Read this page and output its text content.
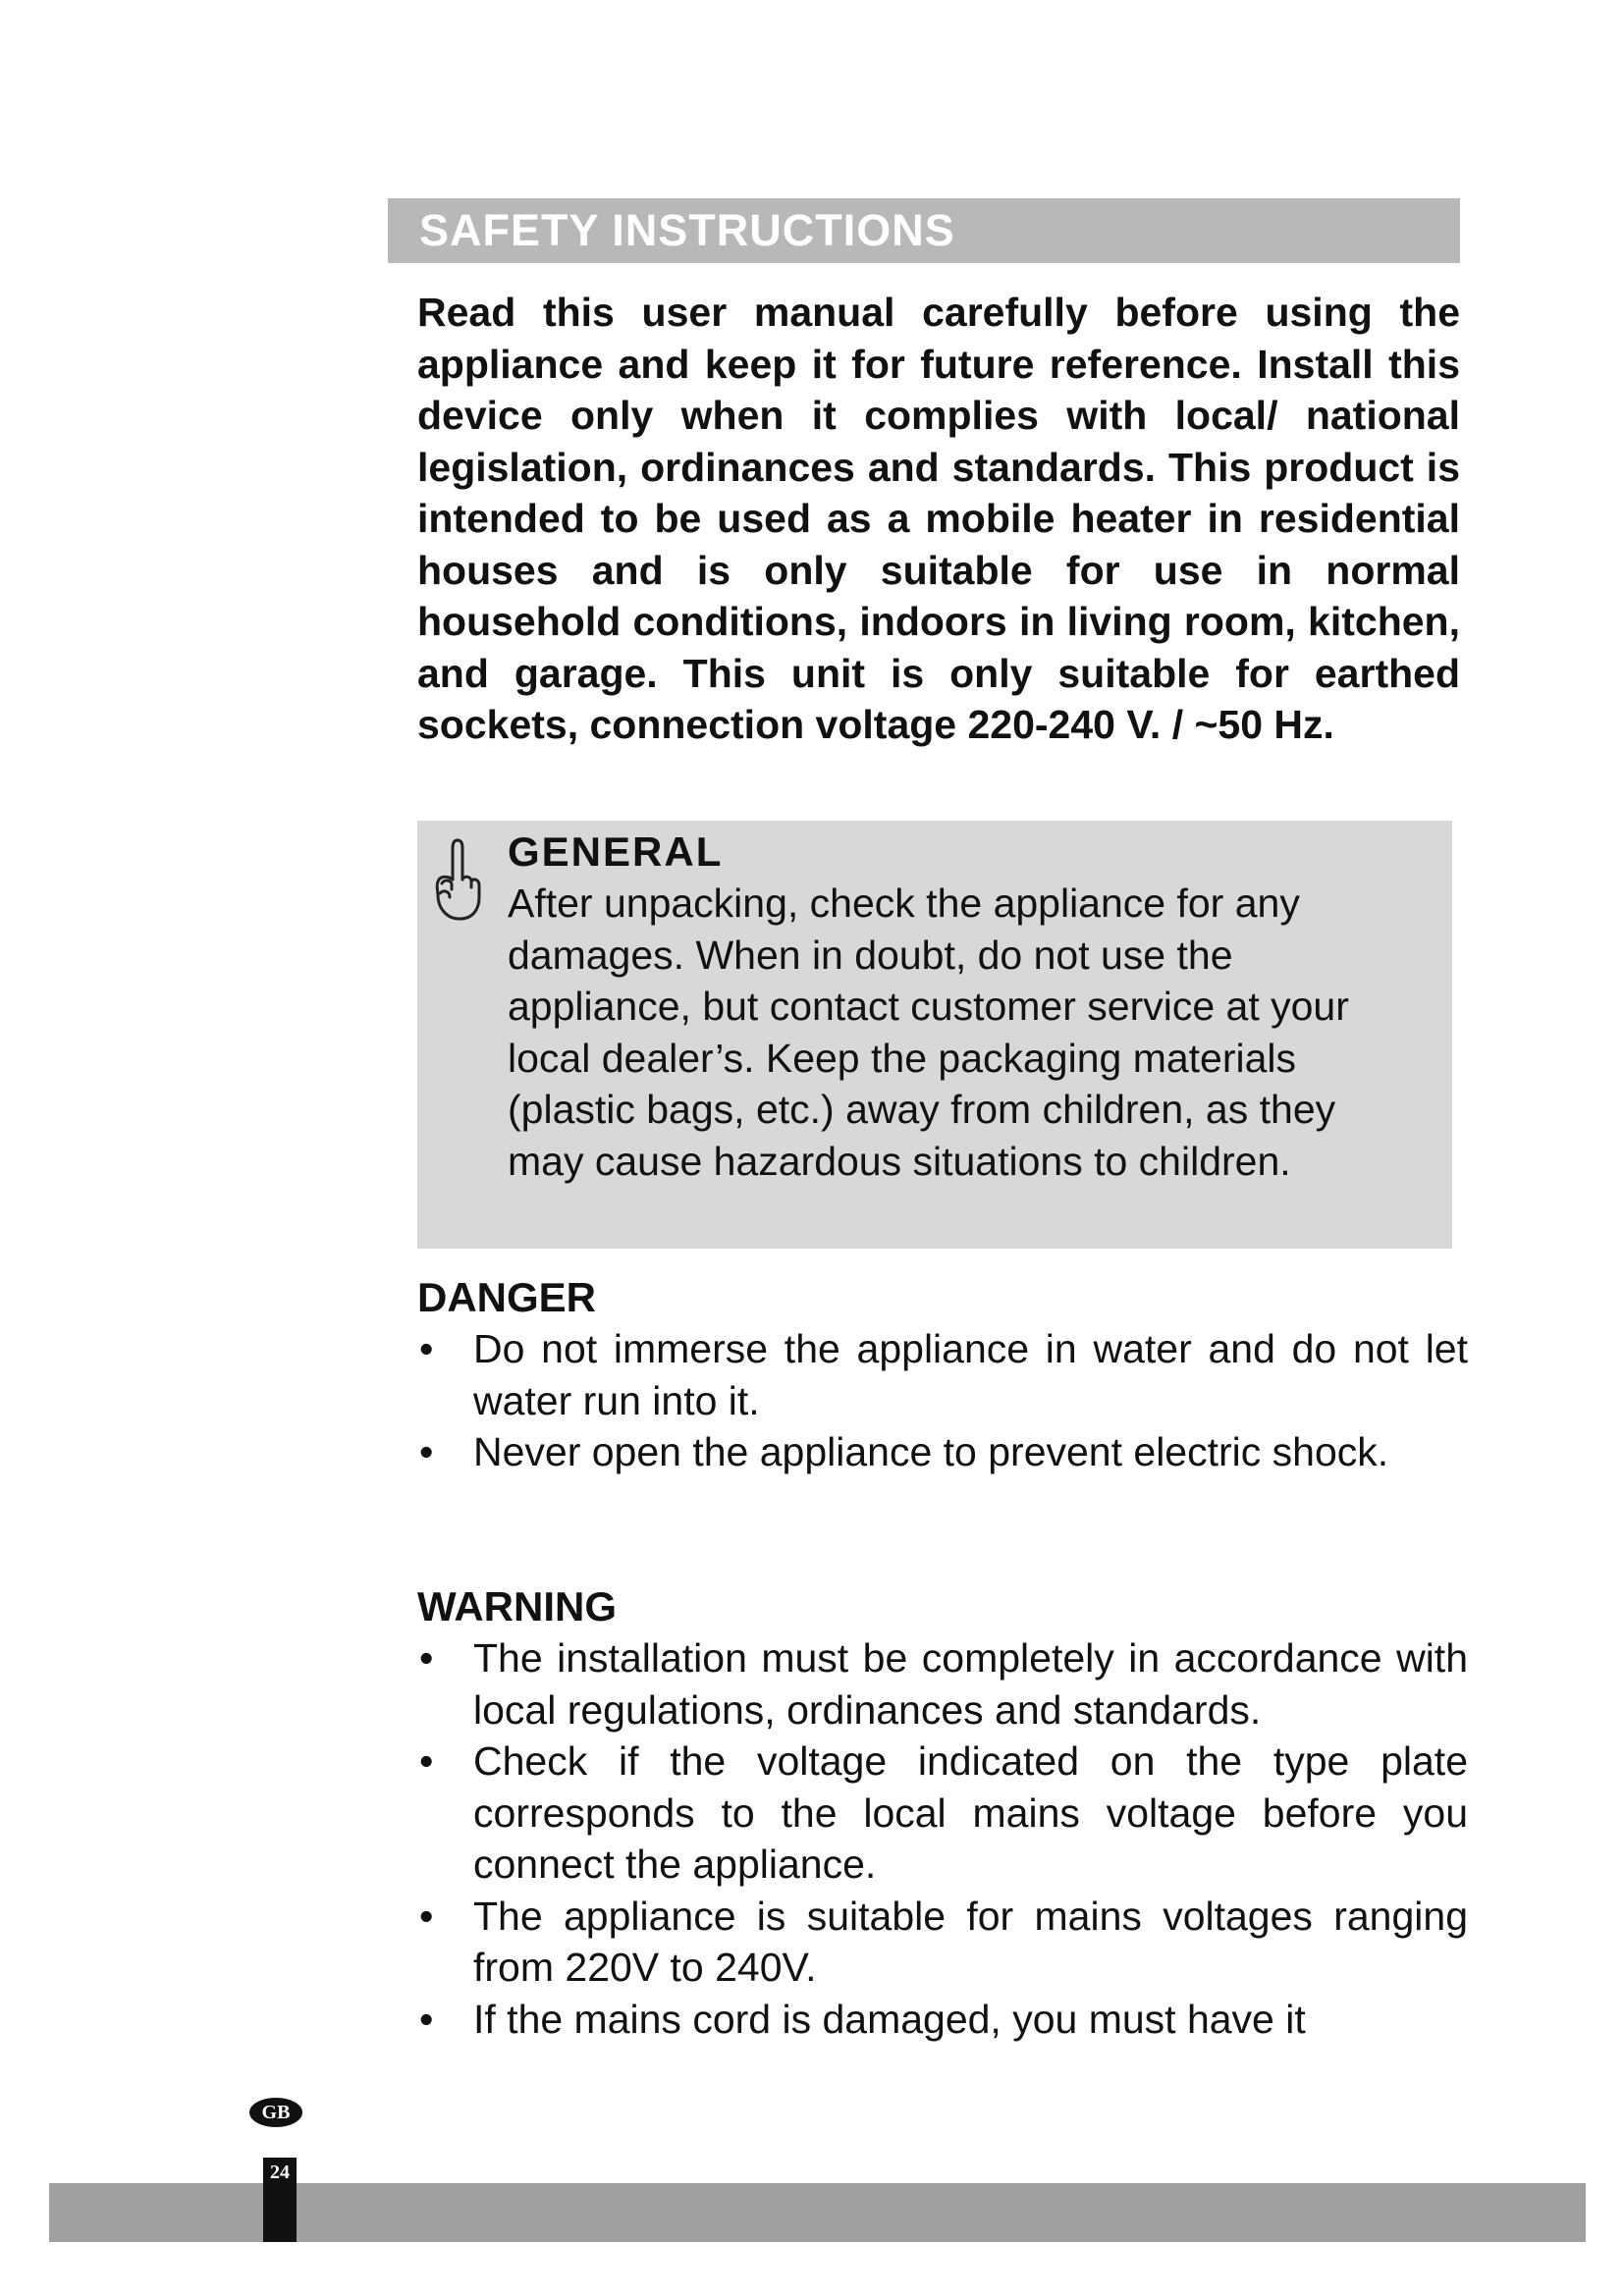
SAFETY INSTRUCTIONS
Read this user manual carefully before using the appliance and keep it for future reference. Install this device only when it complies with local/ national legislation, ordinances and standards. This product is intended to be used as a mobile heater in residential houses and is only suitable for use in normal household conditions, indoors in living room, kitchen, and garage. This unit is only suitable for earthed sockets, connection voltage 220-240 V. / ~50 Hz.
GENERAL
After unpacking, check the appliance for any damages. When in doubt, do not use the appliance, but contact customer service at your local dealer’s. Keep the packaging materials (plastic bags, etc.) away from children, as they may cause hazardous situations to children.
DANGER
• Do not immerse the appliance in water and do not let water run into it.
• Never open the appliance to prevent electric shock.
WARNING
• The installation must be completely in accordance with local regulations, ordinances and standards.
• Check if the voltage indicated on the type plate corresponds to the local mains voltage before you connect the appliance.
• The appliance is suitable for mains voltages ranging from 220V to 240V.
• If the mains cord is damaged, you must have it
GB
24
